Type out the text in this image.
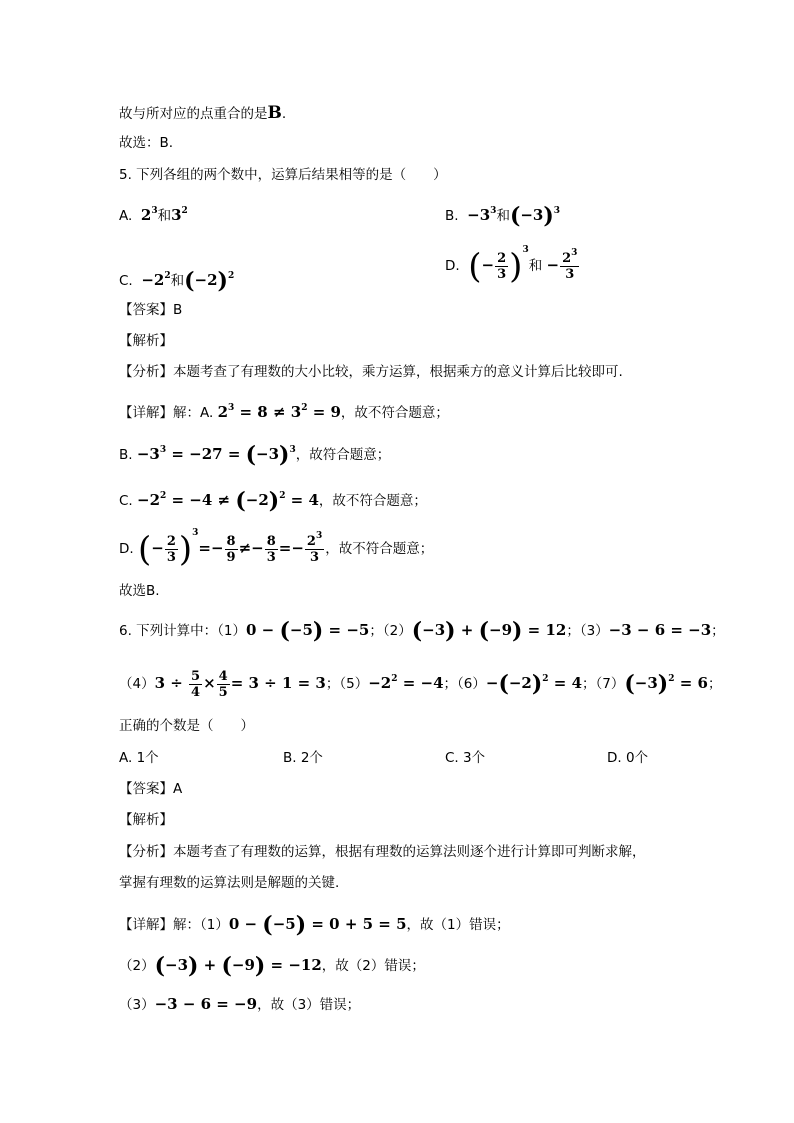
故与所对应的点重合的是B.
故选：B.
5. 下列各组的两个数中，运算后结果相等的是（　　）
A. $2^3$和$3^2$	B. $-3^3$和$(-3)^3$
C. $-2^2$和$(-2)^2$
D. (− $\frac{2}{3} )^3$和 − $\frac{2^3}{3}$
【答案】B
【解析】
【分析】本题考查了有理数的大小比较，乘方运算，根据乘方的意义计算后比较即可.
【详解】解：A. $2^3 = 8 \ne 3^2 = 9$，故不符合题意；
B. $-3^3 = -27 = (-3)^3$，故符合题意；
C. $-2^2 = -4 \ne (-2)^2 = 4$，故不符合题意；
D. (− $\frac{2}{3} )^3=- \frac{8}{9} \ne- \frac{8}{3} =- \frac{2^3}{3}$ ，故不符合题意；
故选B.
6. 下列计算中：（1）0 − (−5) = −5；（2）(−3) + (−9) = 12；（3）−3 − 6 = −3；
$(4)3 \div \frac{5}{4} \times \frac{4}{5} = 3 \div 1 = 3$；$(5)-2^2 = -4$；$(6)-(-2)^2 = 4$；$(7)(-3)^2 = 6$；
正确的个数是（　　）
A. 1个	B. 2个	C. 3个	D. 0个
【答案】A
【解析】
【分析】本题考查了有理数的运算，根据有理数的运算法则逐个进行计算即可判断求解，
掌握有理数的运算法则是解题的关键.
【详解】解：（1）0 − (−5) = 0 + 5 = 5，故（1）错误；
（2）(−3) + (−9) = −12，故（2）错误；
（3）−3 − 6 = −9，故（3）错误；
